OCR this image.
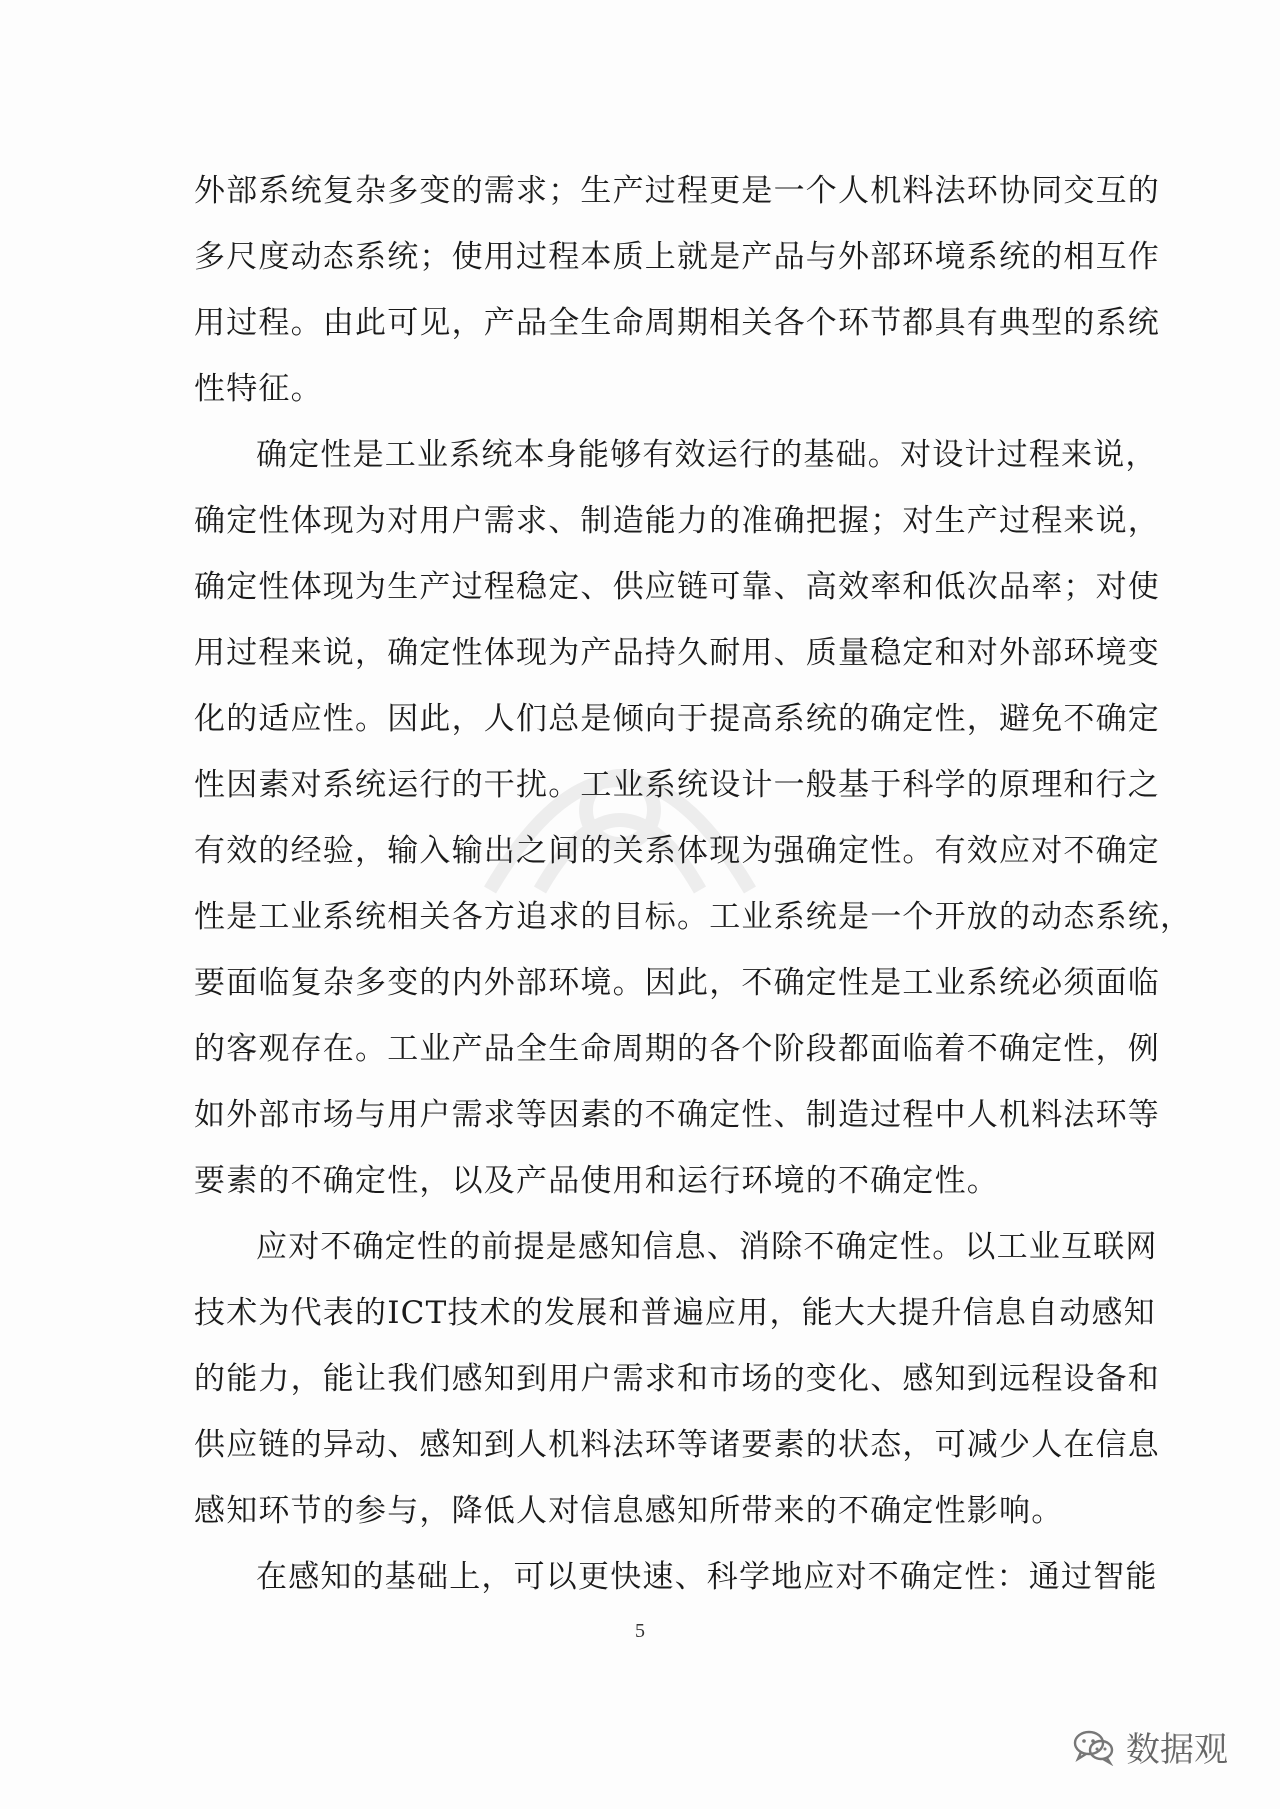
外部系统复杂多变的需求；生产过程更是一个人机料法环协同交互的
多尺度动态系统；使用过程本质上就是产品与外部环境系统的相互作
用过程。由此可见，产品全生命周期相关各个环节都具有典型的系统
性特征。
确定性是工业系统本身能够有效运行的基础。对设计过程来说，
确定性体现为对用户需求、制造能力的准确把握；对生产过程来说，
确定性体现为生产过程稳定、供应链可靠、高效率和低次品率；对使
用过程来说，确定性体现为产品持久耐用、质量稳定和对外部环境变
化的适应性。因此，人们总是倾向于提高系统的确定性，避免不确定
性因素对系统运行的干扰。工业系统设计一般基于科学的原理和行之
有效的经验，输入输出之间的关系体现为强确定性。有效应对不确定
性是工业系统相关各方追求的目标。工业系统是一个开放的动态系统，
要面临复杂多变的内外部环境。因此，不确定性是工业系统必须面临
的客观存在。工业产品全生命周期的各个阶段都面临着不确定性，例
如外部市场与用户需求等因素的不确定性、制造过程中人机料法环等
要素的不确定性，以及产品使用和运行环境的不确定性。
应对不确定性的前提是感知信息、消除不确定性。以工业互联网
技术为代表的ICT技术的发展和普遍应用，能大大提升信息自动感知
的能力，能让我们感知到用户需求和市场的变化、感知到远程设备和
供应链的异动、感知到人机料法环等诸要素的状态，可减少人在信息
感知环节的参与，降低人对信息感知所带来的不确定性影响。
在感知的基础上，可以更快速、科学地应对不确定性：通过智能
5
数据观
